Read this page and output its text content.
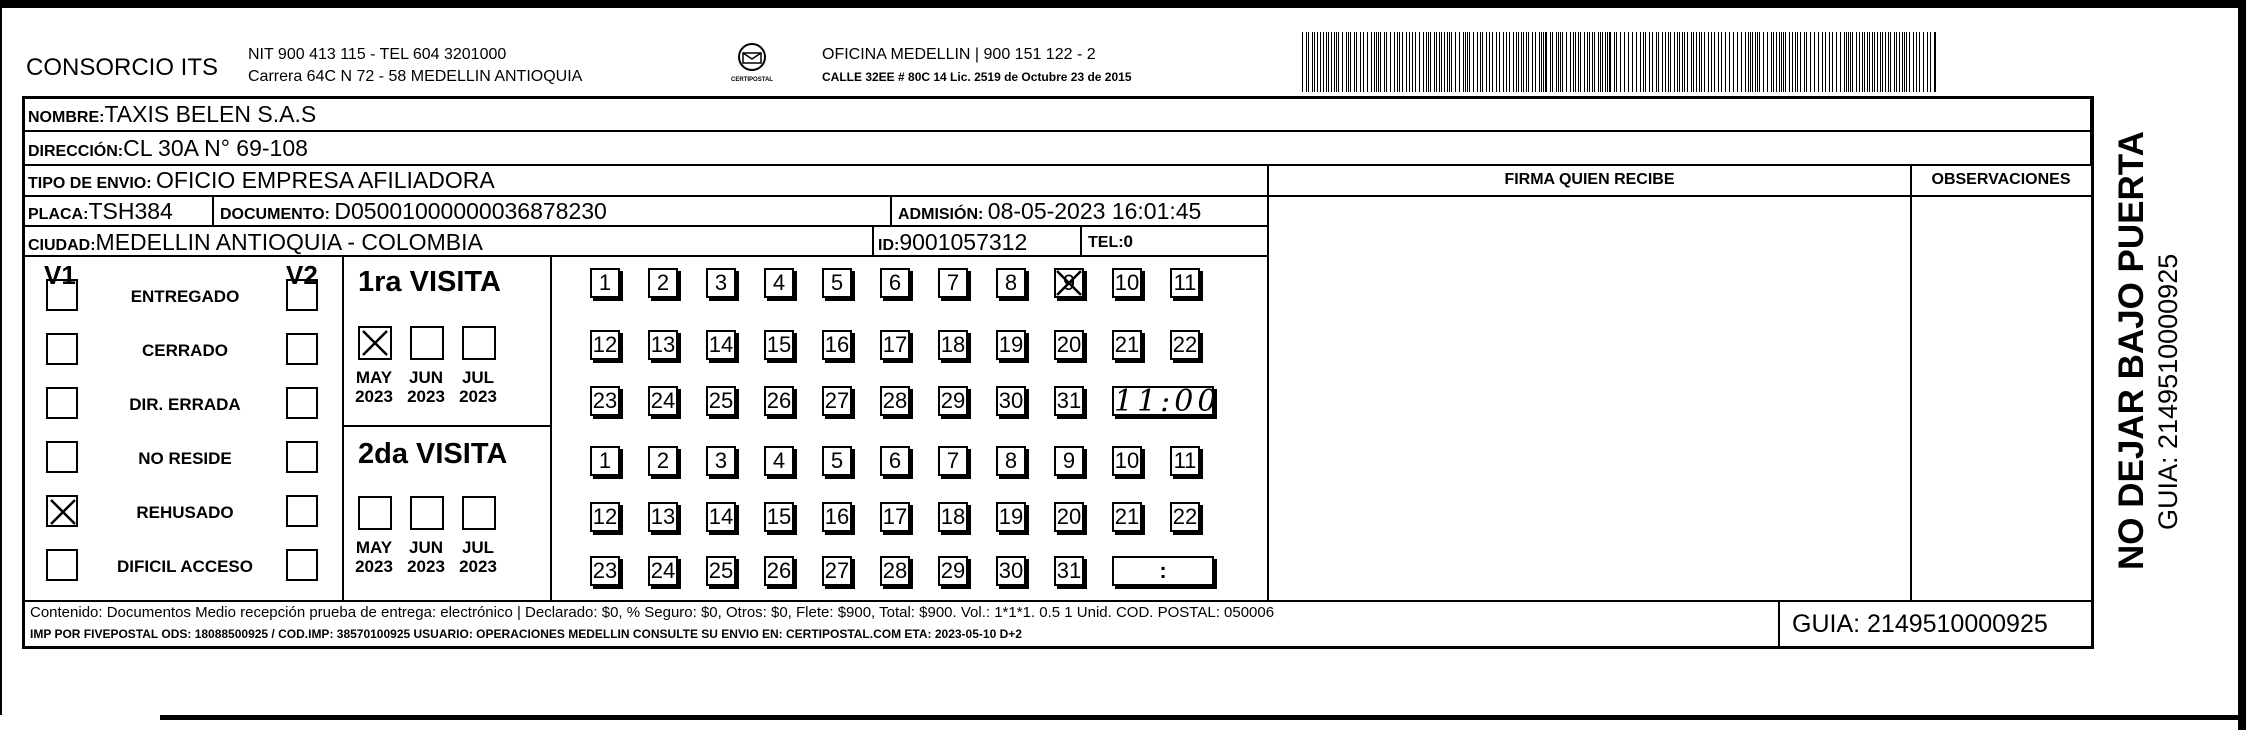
CONSORCIO ITS NIT 900 413 115 - TEL 604 3201000
Carrera 64C N 72 - 58 MEDELLIN ANTIOQUIA	CERTIPOSTAL
OFICINA MEDELLIN | 900 151 122 - 2
CALLE 32EE # 80C 14 Lic. 2519 de Octubre 23 de 2015
NOMBRE:TAXIS BELEN S.A.S
DIRECCIÓN:CL 30A N° 69-108
TIPO DE ENVIO: OFICIO EMPRESA AFILIADORA	FIRMA QUIEN RECIBE	OBSERVACIONES
PLACA:TSH384	DOCUMENTO: D05001000000036878230	ADMISIÓN: 08-05-2023 16:01:45
CIUDAD:MEDELLIN ANTIOQUIA - COLOMBIA	ID:9001057312	TEL:0
V1	V2
ENTREGADO
CERRADO
DIR. ERRADA
NO RESIDE
REHUSADO
DIFICIL ACCESO
1ra VISITA
2da VISITA
MAY
2023
JUN
2023
JUL
2023
MAY
2023
JUN
2023
JUL
2023
1	2	3	4	5	6	7	8	9	10 11
12 13 14 15 16 17 18 19 20 21 22
23 24 25 26 27 28 29 30 31 11:00
1	2	3	4	5	6	7	8	9	10 11
12 13 14 15 16 17 18 19 20 21 22
23 24 25 26 27 28 29 30 31	:
Contenido: Documentos Medio recepción prueba de entrega: electrónico | Declarado: $0, % Seguro: $0, Otros: $0, Flete: $900, Total: $900. Vol.: 1*1*1. 0.5 1 Unid. COD. POSTAL: 050006
IMP POR FIVEPOSTAL ODS: 18088500925 / COD.IMP: 38570100925 USUARIO: OPERACIONES MEDELLIN CONSULTE SU ENVIO EN: CERTIPOSTAL.COM ETA: 2023-05-10 D+2	GUIA: 2149510000925
NO DEJAR BAJO PUERTA GUIA: 2149510000925
